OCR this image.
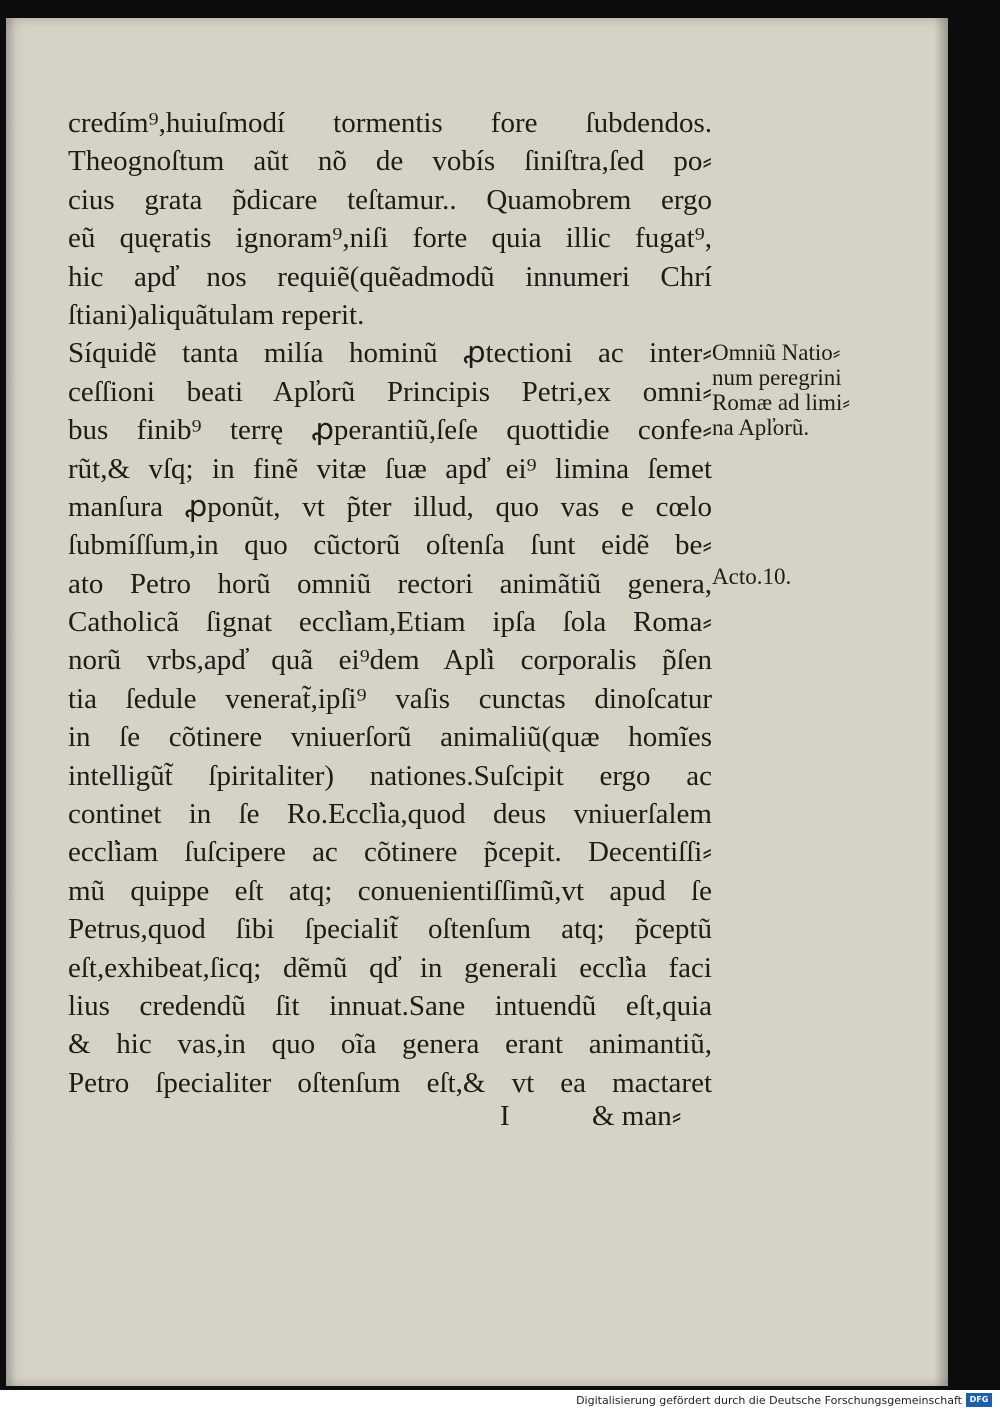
credím⁹,huiuſmodí tormentis fore ſubdendos.
Theognoſtum aũt nõ de vobís ſiniſtra,ſed po⸗
cius grata p̃dicare teſtamur.. Quamobrem ergo
eũ quęratis ignoram⁹,niſi forte quia illic fugat⁹,
hic apd̕ nos requiẽ(quẽadmodũ innumeri Chrí
ſtiani)aliquãtulam reperit.
Síquidẽ tanta milía hominũ ꝓtectioni ac inter⸗
ceſſioni beati Apl̕orũ Principis Petri,ex omni⸗
bus finib⁹ terrę ꝓperantiũ,ſeſe quottidie confe⸗
rũt,& vſq; in finẽ vitæ ſuæ apd̕ ei⁹ limina ſemet
manſura ꝓponũt, vt p̃ter illud, quo vas e cœlo
ſubmíſſum,in quo cũctorũ oſtenſa ſunt eidẽ be⸗
ato Petro horũ omniũ rectori animãtiũ genera,
Catholicã ſignat eccl̕iam,Etiam ipſa ſola Roma⸗
norũ vrbs,apd̕ quã ei⁹dem Apl̕i corporalis p̃ſen
tia ſedule venerat̃,ipſi⁹ vaſis cunctas dinoſcatur
in ſe cõtinere vniuerſorũ animaliũ(quæ homĩes
intelligũt̃ ſpiritaliter) nationes.Suſcipit ergo ac
continet in ſe Ro.Eccl̕ia,quod deus vniuerſalem
eccl̕iam ſuſcipere ac cõtinere p̃cepit. Decentiſſi⸗
mũ quippe eſt atq; conuenientiſſimũ,vt apud ſe
Petrus,quod ſibi ſpecialit̃ oſtenſum atq; p̃ceptũ
eſt,exhibeat,ſicq; dẽmũ qd̕ in generali eccl̕ia faci
lius credendũ ſit innuat.Sane intuendũ eſt,quia
& hic vas,in quo oĩa genera erant animantiũ,
Petro ſpecialiter oſtenſum eſt,& vt ea mactaret
Omniũ Natio⸗
num peregrini
Romæ ad limi⸗
na Apl̕orũ.
Acto.10.
I	& man⸗
Digitalisierung gefördert durch die Deutsche Forschungsgemeinschaft DFG
